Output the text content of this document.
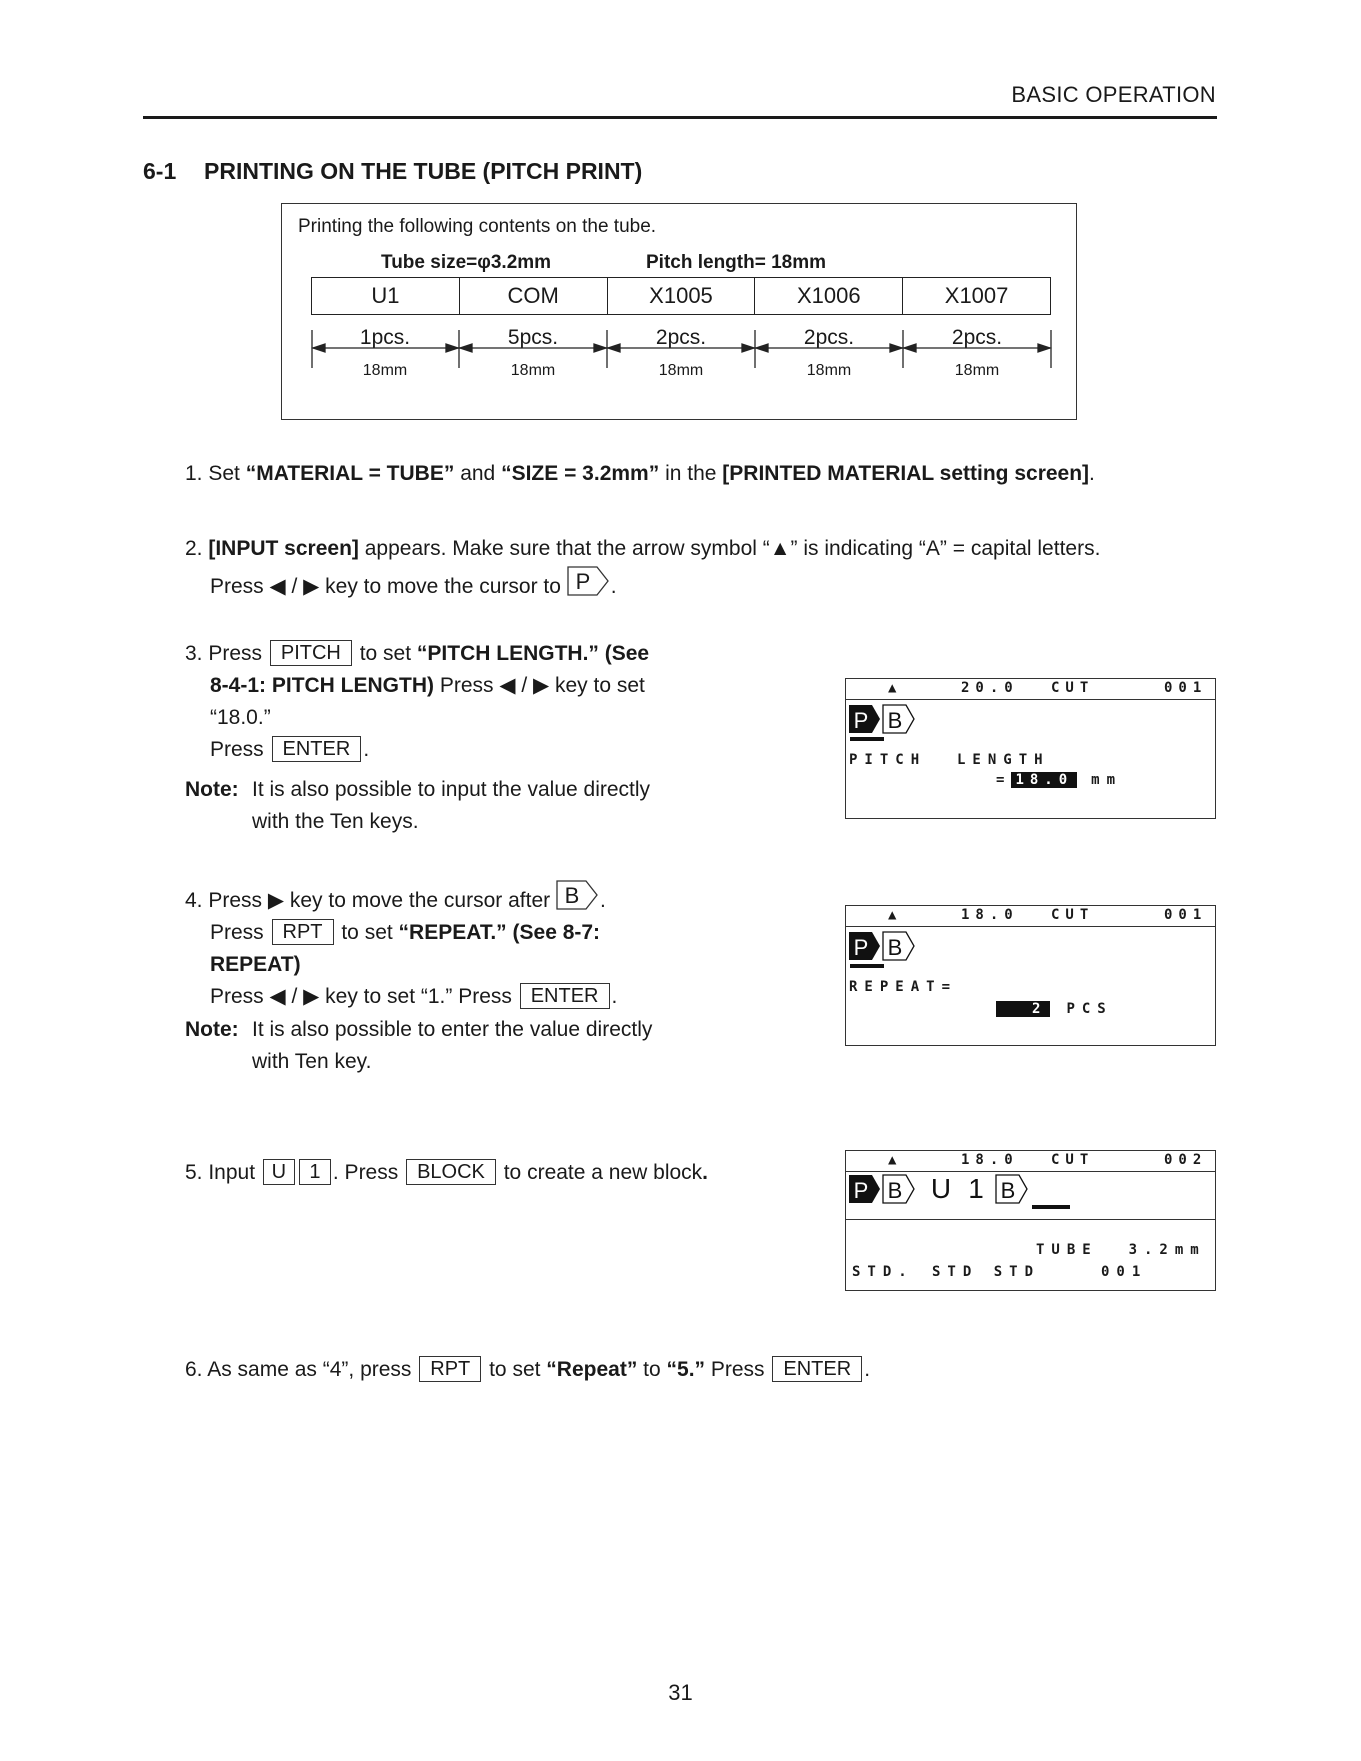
BASIC OPERATION
6-1 PRINTING ON THE TUBE (PITCH PRINT)
Printing the following contents on the tube.
Tube size=φ3.2mm	Pitch length= 18mm
U1	COM	X1005	X1006	X1007
1pcs.	5pcs.	2pcs.	2pcs.	2pcs.
18mm	18mm	18mm	18mm	18mm
1. Set “MATERIAL = TUBE” and “SIZE = 3.2mm” in the [PRINTED MATERIAL setting screen].
2. [INPUT screen] appears. Make sure that the arrow symbol “▲” is indicating “A” = capital letters.
Press ◀ / ▶ key to move the cursor to P .
3. Press PITCH to set “PITCH LENGTH.” (See
8-4-1: PITCH LENGTH) Press ◀ / ▶ key to set
“18.0.”
Press ENTER .
Note: It is also possible to input the value directly
with the Ten keys.
▲	20.0 CUT	001
P B
PITCH  LENGTH
= 18.0 mm
4. Press ▶ key to move the cursor after B .
Press RPT to set “REPEAT.” (See 8-7:
REPEAT)
Press ◀ / ▶ key to set “1.” Press ENTER .
Note: It is also possible to enter the value directly
with Ten key.
▲	18.0 CUT	001
P B
REPEAT=
2 PCS
5. Input U 1 . Press BLOCK to create a new block.
▲	18.0 CUT	002
P B U 1 B
TUBE  3.2mm
STD. STD STD	001
6. As same as “4”, press RPT to set “Repeat” to “5.” Press ENTER .
31
